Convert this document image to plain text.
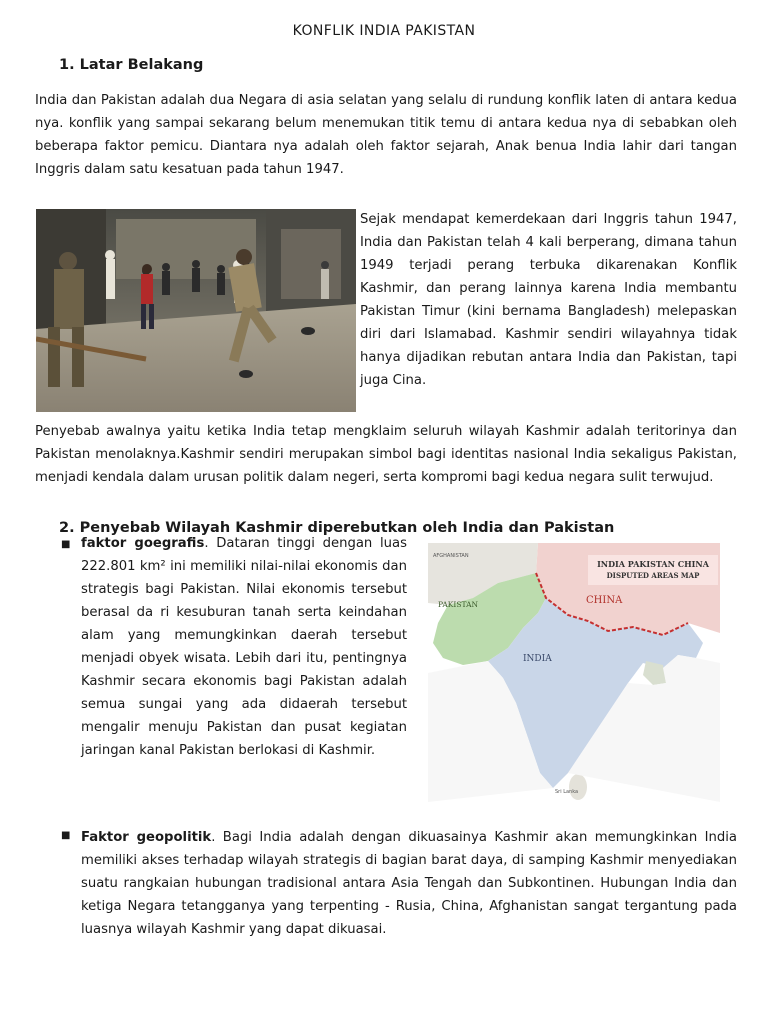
KONFLIK INDIA PAKISTAN
1. Latar Belakang
India dan Pakistan adalah dua Negara di asia selatan yang selalu di rundung konflik laten di antara kedua nya. konflik yang sampai sekarang belum menemukan titik temu di antara kedua nya di sebabkan oleh beberapa faktor pemicu. Diantara nya adalah oleh faktor sejarah, Anak benua India lahir dari tangan Inggris dalam satu kesatuan pada tahun 1947.
Sejak mendapat kemerdekaan dari Inggris tahun 1947, India dan Pakistan telah 4 kali berperang, dimana tahun 1949 terjadi perang terbuka dikarenakan Konflik Kashmir, dan perang lainnya karena India membantu Pakistan Timur (kini bernama Bangladesh) melepaskan diri dari Islamabad. Kashmir sendiri wilayahnya tidak hanya dijadikan rebutan antara India dan Pakistan, tapi juga Cina.
Penyebab awalnya yaitu ketika India tetap mengklaim seluruh wilayah Kashmir adalah teritorinya dan Pakistan menolaknya.Kashmir sendiri merupakan simbol bagi identitas nasional India sekaligus Pakistan, menjadi kendala dalam urusan politik dalam negeri, serta kompromi bagi kedua negara sulit terwujud.
2. Penyebab Wilayah Kashmir diperebutkan oleh India dan Pakistan
■ faktor goegrafis. Dataran tinggi dengan luas 222.801 km² ini memiliki nilai-nilai ekonomis dan strategis bagi Pakistan. Nilai ekonomis tersebut berasal da ri kesuburan tanah serta keindahan alam yang memungkinkan daerah tersebut menjadi obyek wisata. Lebih dari itu, pentingnya Kashmir secara ekonomis bagi Pakistan adalah semua sungai yang ada didaerah tersebut mengalir menuju Pakistan dan pusat kegiatan jaringan kanal Pakistan berlokasi di Kashmir.
INDIA PAKISTAN CHINA
DISPUTED AREAS MAP
AFGHANISTAN
PAKISTAN	CHINA
INDIA
Sri Lanka
■ Faktor geopolitik. Bagi India adalah dengan dikuasainya Kashmir akan memungkinkan India memiliki akses terhadap wilayah strategis di bagian barat daya, di samping Kashmir menyediakan suatu rangkaian hubungan tradisional antara Asia Tengah dan Subkontinen. Hubungan India dan ketiga Negara tetangganya yang terpenting - Rusia, China, Afghanistan sangat tergantung pada luasnya wilayah Kashmir yang dapat dikuasai.
